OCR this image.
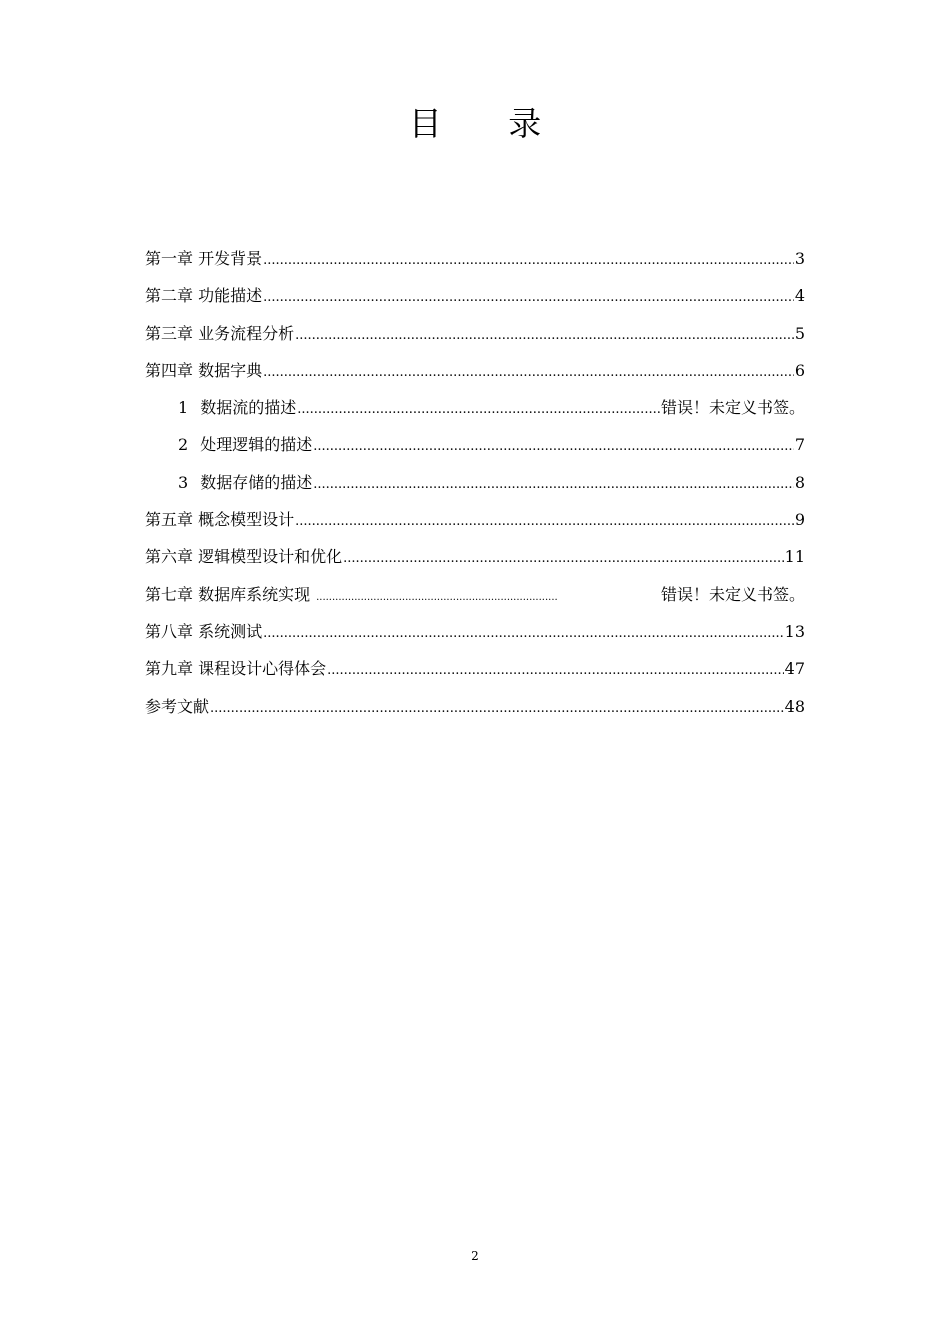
目 录
第一章 开发背景 .....	3
第二章 功能描述 .....	4
第三章 业务流程分析 .....	5
第四章 数据字典 .....	6
1 数据流的描述 .....	错误！未定义书签。
2 处理逻辑的描述 .....	7
3 数据存储的描述 .....	8
第五章 概念模型设计 .....	9
第六章 逻辑模型设计和优化 .....	11
第七章 数据库系统实现 .....	错误！未定义书签。
第八章 系统测试 .....	13
第九章 课程设计心得体会 .....	47
参考文献 .....	48
2
